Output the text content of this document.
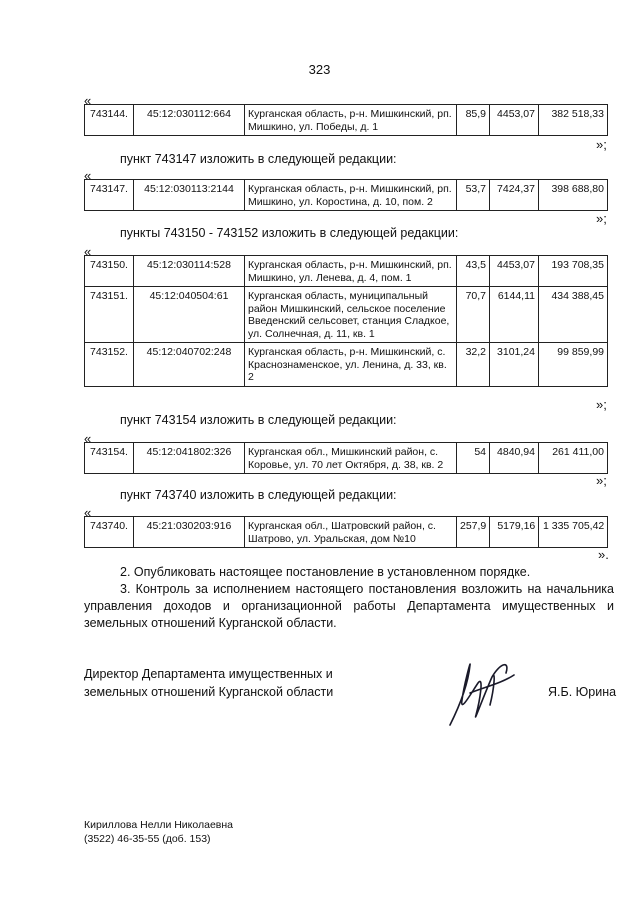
323
«
743144.	45:12:030112:664	Курганская область, р-н. Мишкинский, рп. Мишкино, ул. Победы, д. 1	85,9	4453,07	382 518,33
»;
пункт 743147 изложить в следующей редакции:
«
743147.	45:12:030113:2144	Курганская область, р-н. Мишкинский, рп. Мишкино, ул. Коростина, д. 10, пом. 2	53,7	7424,37	398 688,80
»;
пункты 743150 - 743152 изложить в следующей редакции:
«
743150.	45:12:030114:528	Курганская область, р-н. Мишкинский, рп. Мишкино, ул. Ленева, д. 4, пом. 1	43,5	4453,07	193 708,35
743151.	45:12:040504:61	Курганская область, муниципальный район Мишкинский, сельское поселение Введенский сельсовет, станция Сладкое, ул. Солнечная, д. 11, кв. 1	70,7	6144,11	434 388,45
743152.	45:12:040702:248	Курганская область, р-н. Мишкинский, с. Краснознаменское, ул. Ленина, д. 33, кв. 2	32,2	3101,24	99 859,99
»;
пункт 743154 изложить в следующей редакции:
«
743154.	45:12:041802:326	Курганская обл., Мишкинский район, с. Коровье, ул. 70 лет Октября, д. 38, кв. 2	54	4840,94	261 411,00
»;
пункт 743740 изложить в следующей редакции:
«
743740.	45:21:030203:916	Курганская обл., Шатровский район, с. Шатрово, ул. Уральская, дом №10	257,9	5179,16	1 335 705,42
».
2. Опубликовать настоящее постановление в установленном порядке.
3. Контроль за исполнением настоящего постановления возложить на начальника управления доходов и организационной работы Департамента имущественных и земельных отношений Курганской области.
Директор Департамента имущественных и
земельных отношений Курганской области	Я.Б. Юрина
Кириллова Нелли Николаевна
(3522) 46-35-55 (доб. 153)
